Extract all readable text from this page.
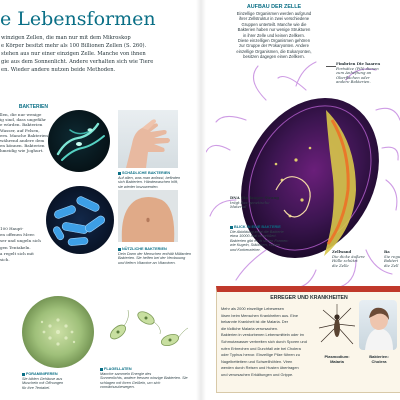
e Lebensformen
winzigen Zellen, die man nur mit dem Mikroskop
e Körper besitzt mehr als 100 Billionen Zellen (S. 260).
stehen aus nur einer einzigen Zelle. Manche von ihnen
gie aus dem Sonnenlicht. Andere verhalten sich wie Tiere
en. Wieder andere nutzen beide Methoden.
BAKTERIEN
llen, die nur wenige
ig sind, dass ungefähr
e würden. Bakterien
Wasser, auf Felsen,
ern. Manche Bakterien
während andere dem
en können. Bakterien
hmeidig wie Joghurt.
100 Haupt-
en offenen Meer.
ser und ungeln sich
gen Tentakeln.
a regelt sich mit
sich.
SCHÄDLICHE BAKTERIEN
Auf allen, was man anfasst, befinden
sich Bakterien. Händewaschen hilft,
sie wieder loszuwerden.
NÜTZLICHE BAKTERIEN
Dein Darm der Menschen enthält Milliarden
Bakterien. Sie helfen bei der Verdauung
und liefern Vitamine an Vitaminen.
FORAMINIFEREN
Sie bilden Gehäuse aus
Muscheln mit Öffnungen
für ihre Tentakel.
FLAGELLATEN
Manche sammeln Energie des
Sonnenlichts, andere fressen winzige Bakterien. Sie
schlagen mit ihren Geißeln, um sich vorwärtszubewegen.
AUFBAU DER ZELLE
Einzellige Organismen werden aufgrund
ihrer Zellstruktur in zwei verschiedene
Gruppen unterteilt. Manche wie die
Bakterien haben nur wenige Strukturen
in ihrer Zelle und keinen Zellkern.
Diese einzelligen Organismen gehören
zur Gruppe der Prokaryonten. Andere
einzellige Organismen, die Eukaryonten,
besitzen dagegen einen Zellkern.
Fimbrien Die haaren
Fortsätze (Pili) dienen
zum Anheftung an
Oberflächen oder
andere Bakterien.
DNA Ein langer Strang
trägt das genetische
Material
BLICK IN EINE BAKTERIE
Die Abbildung zeigt die Bakterie
etwa 10000-mal vergrößert.
Bakterien gibt es in vielen Formen:
wie Kugeln, Stäbchen, Haken
und Korkenzieher.	Zellwand
Die dicke äußere
Hülle schützt
die Zelle
Ba
Sie regu
Bakteri
die Zell
ERREGER UND KRANKHEITEN
Mehr als 2000 einzellige Lebewesen
lösen beim Menschen Krankheiten aus. Eine
bekannte Krankheit ist die Malaria. Der
die tödliche Malaria verursachen.
Bakterien in verdorbenen Lebensmitteln oder im
Schmutzwasser verbreiten sich durch Sporen und
rufen Erbrechen und Durchfall wie bei Cholera
oder Typhus hervor. Einzellige Pilze führen zu
Nagelbetteitern und Schwellhöhlen. Viren
werden durch Reisen und Husten übertragen
und verursachen Erkältungen und Grippe.
Plasmodium:
Malaria
Bakterien:
Cholera
